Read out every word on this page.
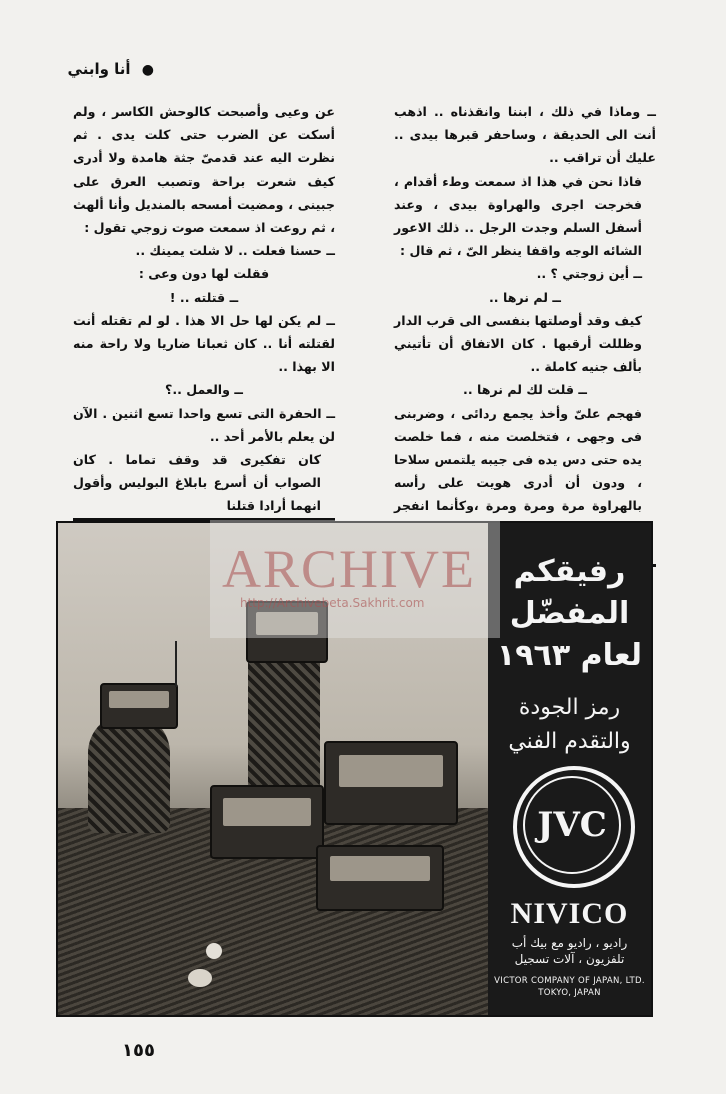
● أنا وابني

ــ وماذا في ذلك ، ابننا وانقذناه .. اذهب أنت الى الحديقة ، وساحفر قبرها بيدى .. عليك أن تراقب ..

فاذا نحن في هذا اذ سمعت وطء أقدام ، فخرجت اجرى والهراوة بيدى ، وعند أسفل السلم وجدت الرجل .. ذلك الاعور الشائه الوجه واقفا ينظر الىّ ، ثم قال :

ــ أين زوجتي ؟ ..

ــ لم نرها ..

كيف وقد أوصلتها بنفسى الى قرب الدار وظللت أرقبها . كان الاتفاق أن تأتيني بألف جنيه كاملة ..

ــ قلت لك لم نرها ..

فهجم علىّ وأخذ يجمع ردائى ، وضربنى فى وجهى ، فتخلصت منه ، فما خلصت يده حتى دس يده فى جيبه يلتمس سلاحا ، ودون أن أدرى هويت على رأسه بالهراوة مرة ومرة ومرة ،وكأنما انفجر

عن وعيى وأصبحت كالوحش الكاسر ، ولم أسكت عن الضرب حتى كلت يدى . ثم نظرت اليه عند قدمىّ جثة هامدة ولا أدرى كيف شعرت براحة وتصبب العرق على جبينى ، ومضيت أمسحه بالمنديل وأنا ألهث ، ثم روعت اذ سمعت صوت زوجي تقول :

ــ حسنا فعلت .. لا شلت يمينك ..

فقلت لها دون وعى :

ــ قتلته .. !

ــ لم يكن لها حل الا هذا . لو لم تقتله أنت لقتلته أنا .. كان ثعبانا ضاريا ولا راحة منه الا بهذا ..

ــ والعمل ..؟

ــ الحفرة التى تسع واحدا تسع اثنين . الآن لن يعلم بالأمر أحد ..

كان تفكيرى قد وقف تماما . كان الصواب أن أسرع بابلاغ البوليس وأقول انهما أرادا قتلنا

رفيقكم
المفضّل
لعام ١٩٦٣
رمز الجودة
والتقدم الفني
JVC
NIVICO
راديو ، راديو مع بيك أب
تلفزيون ، آلات تسجيل
VICTOR COMPANY OF JAPAN, LTD.
TOKYO, JAPAN
ARCHIVE
http://Archivebeta.Sakhrit.com
١٥٥
